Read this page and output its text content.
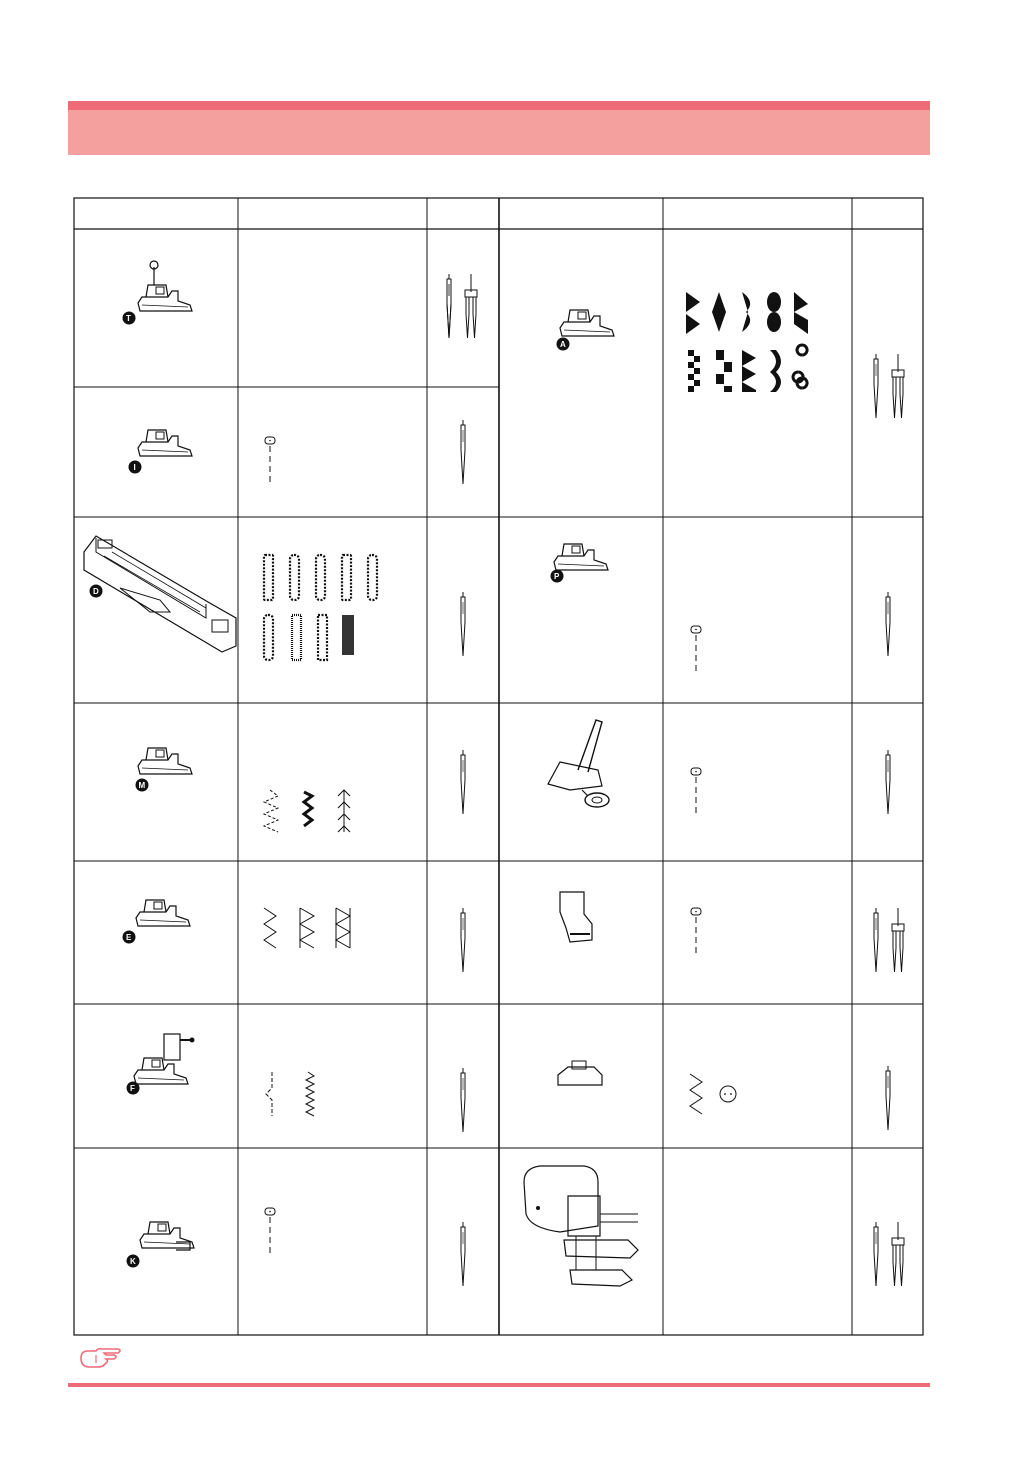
T
I
D
M
E
F
K
A
P
